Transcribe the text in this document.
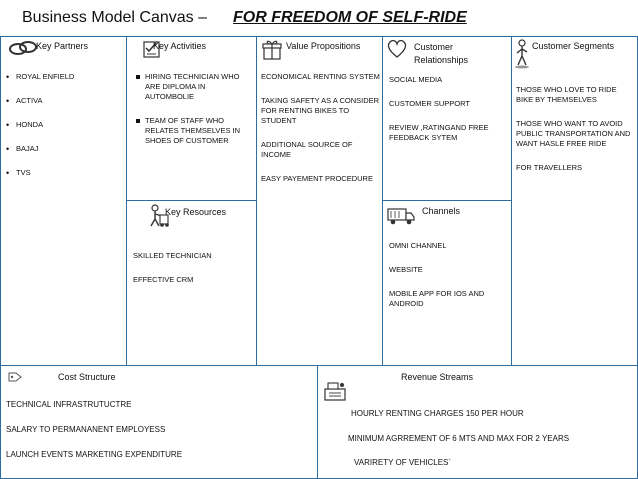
Business Model Canvas – FOR FREEDOM OF SELF-RIDE
Key Partners
• ROYAL ENFIELD
• ACTIVA
• HONDA
• BAJAJ
• TVS
Key Activities
HIRING TECHNICIAN WHO ARE DIPLOMA IN AUTOMBOLIE
TEAM OF STAFF WHO RELATES THEMSELVES IN SHOES OF CUSTOMER
Key Resources

SKILLED TECHNICIAN

EFFECTIVE CRM

Value Propositions

ECONOMICAL RENTING SYSTEM

TAKING SAFETY AS A CONSIDER FOR RENTING BIKES TO STUDENT

ADDITIONAL SOURCE OF INCOME

EASY PAYEMENT PROCEDURE

Customer
Relationships

SOCIAL MEDIA

CUSTOMER SUPPORT

REVIEW ,RATINGAND FREE FEEDBACK SYTEM

Channels

OMNI CHANNEL

WEBSITE

MOBILE APP FOR IOS AND ANDROID

Customer Segments

THOSE WHO LOVE TO RIDE BIKE BY THEMSELVES

THOSE WHO WANT TO AVOID PUBLIC TRANSPORTATION AND WANT HASLE FREE RIDE

FOR TRAVELLERS

Cost Structure

TECHNICAL INFRASTRUTUCTRE

SALARY TO PERMANANENT EMPLOYESS

LAUNCH EVENTS MARKETING EXPENDITURE

Revenue Streams

HOURLY RENTING CHARGES 150 PER HOUR

MINIMUM AGRREMENT OF 6 MTS AND MAX FOR 2 YEARS

VARIRETY OF VEHICLES`
